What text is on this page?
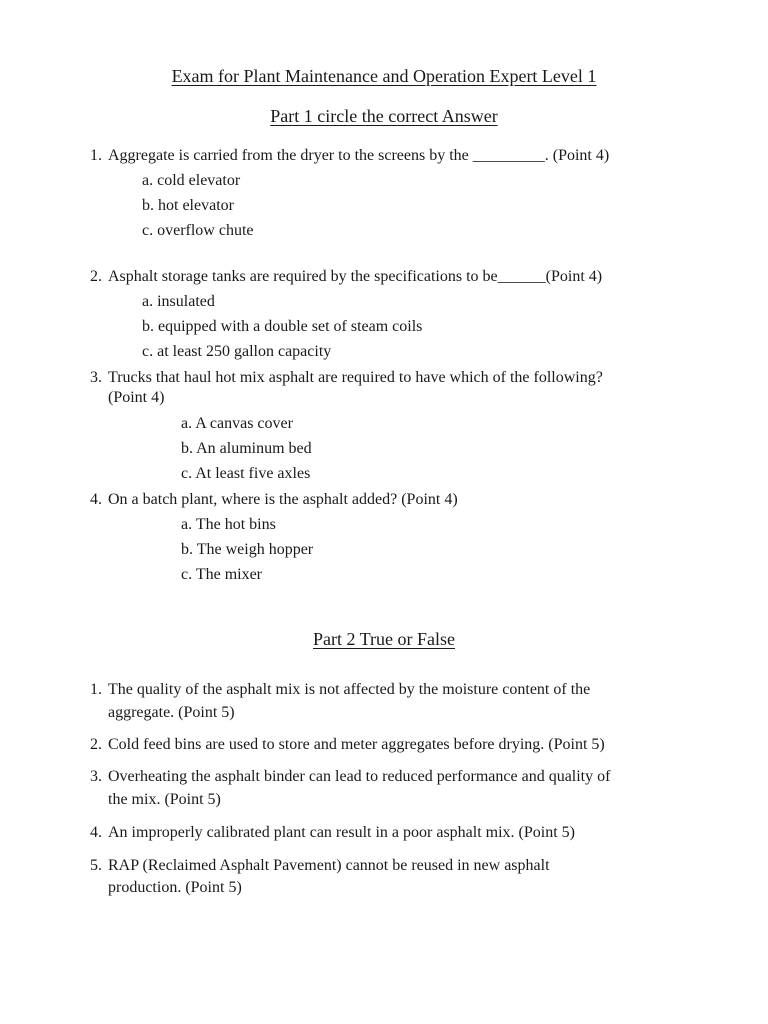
Exam for Plant Maintenance and Operation Expert Level 1
Part 1 circle the correct Answer
1. Aggregate is carried from the dryer to the screens by the _________. (Point 4)
a. cold elevator
b. hot elevator
c. overflow chute
2. Asphalt storage tanks are required by the specifications to be______(Point 4)
a. insulated
b. equipped with a double set of steam coils
c. at least 250 gallon capacity
3. Trucks that haul hot mix asphalt are required to have which of the following?
(Point 4)
a. A canvas cover
b. An aluminum bed
c. At least five axles
4. On a batch plant, where is the asphalt added? (Point 4)
a. The hot bins
b. The weigh hopper
c. The mixer
Part 2 True or False
1. The quality of the asphalt mix is not affected by the moisture content of the
aggregate. (Point 5)
2. Cold feed bins are used to store and meter aggregates before drying. (Point 5)
3. Overheating the asphalt binder can lead to reduced performance and quality of
the mix. (Point 5)
4. An improperly calibrated plant can result in a poor asphalt mix. (Point 5)
5. RAP (Reclaimed Asphalt Pavement) cannot be reused in new asphalt
production. (Point 5)
